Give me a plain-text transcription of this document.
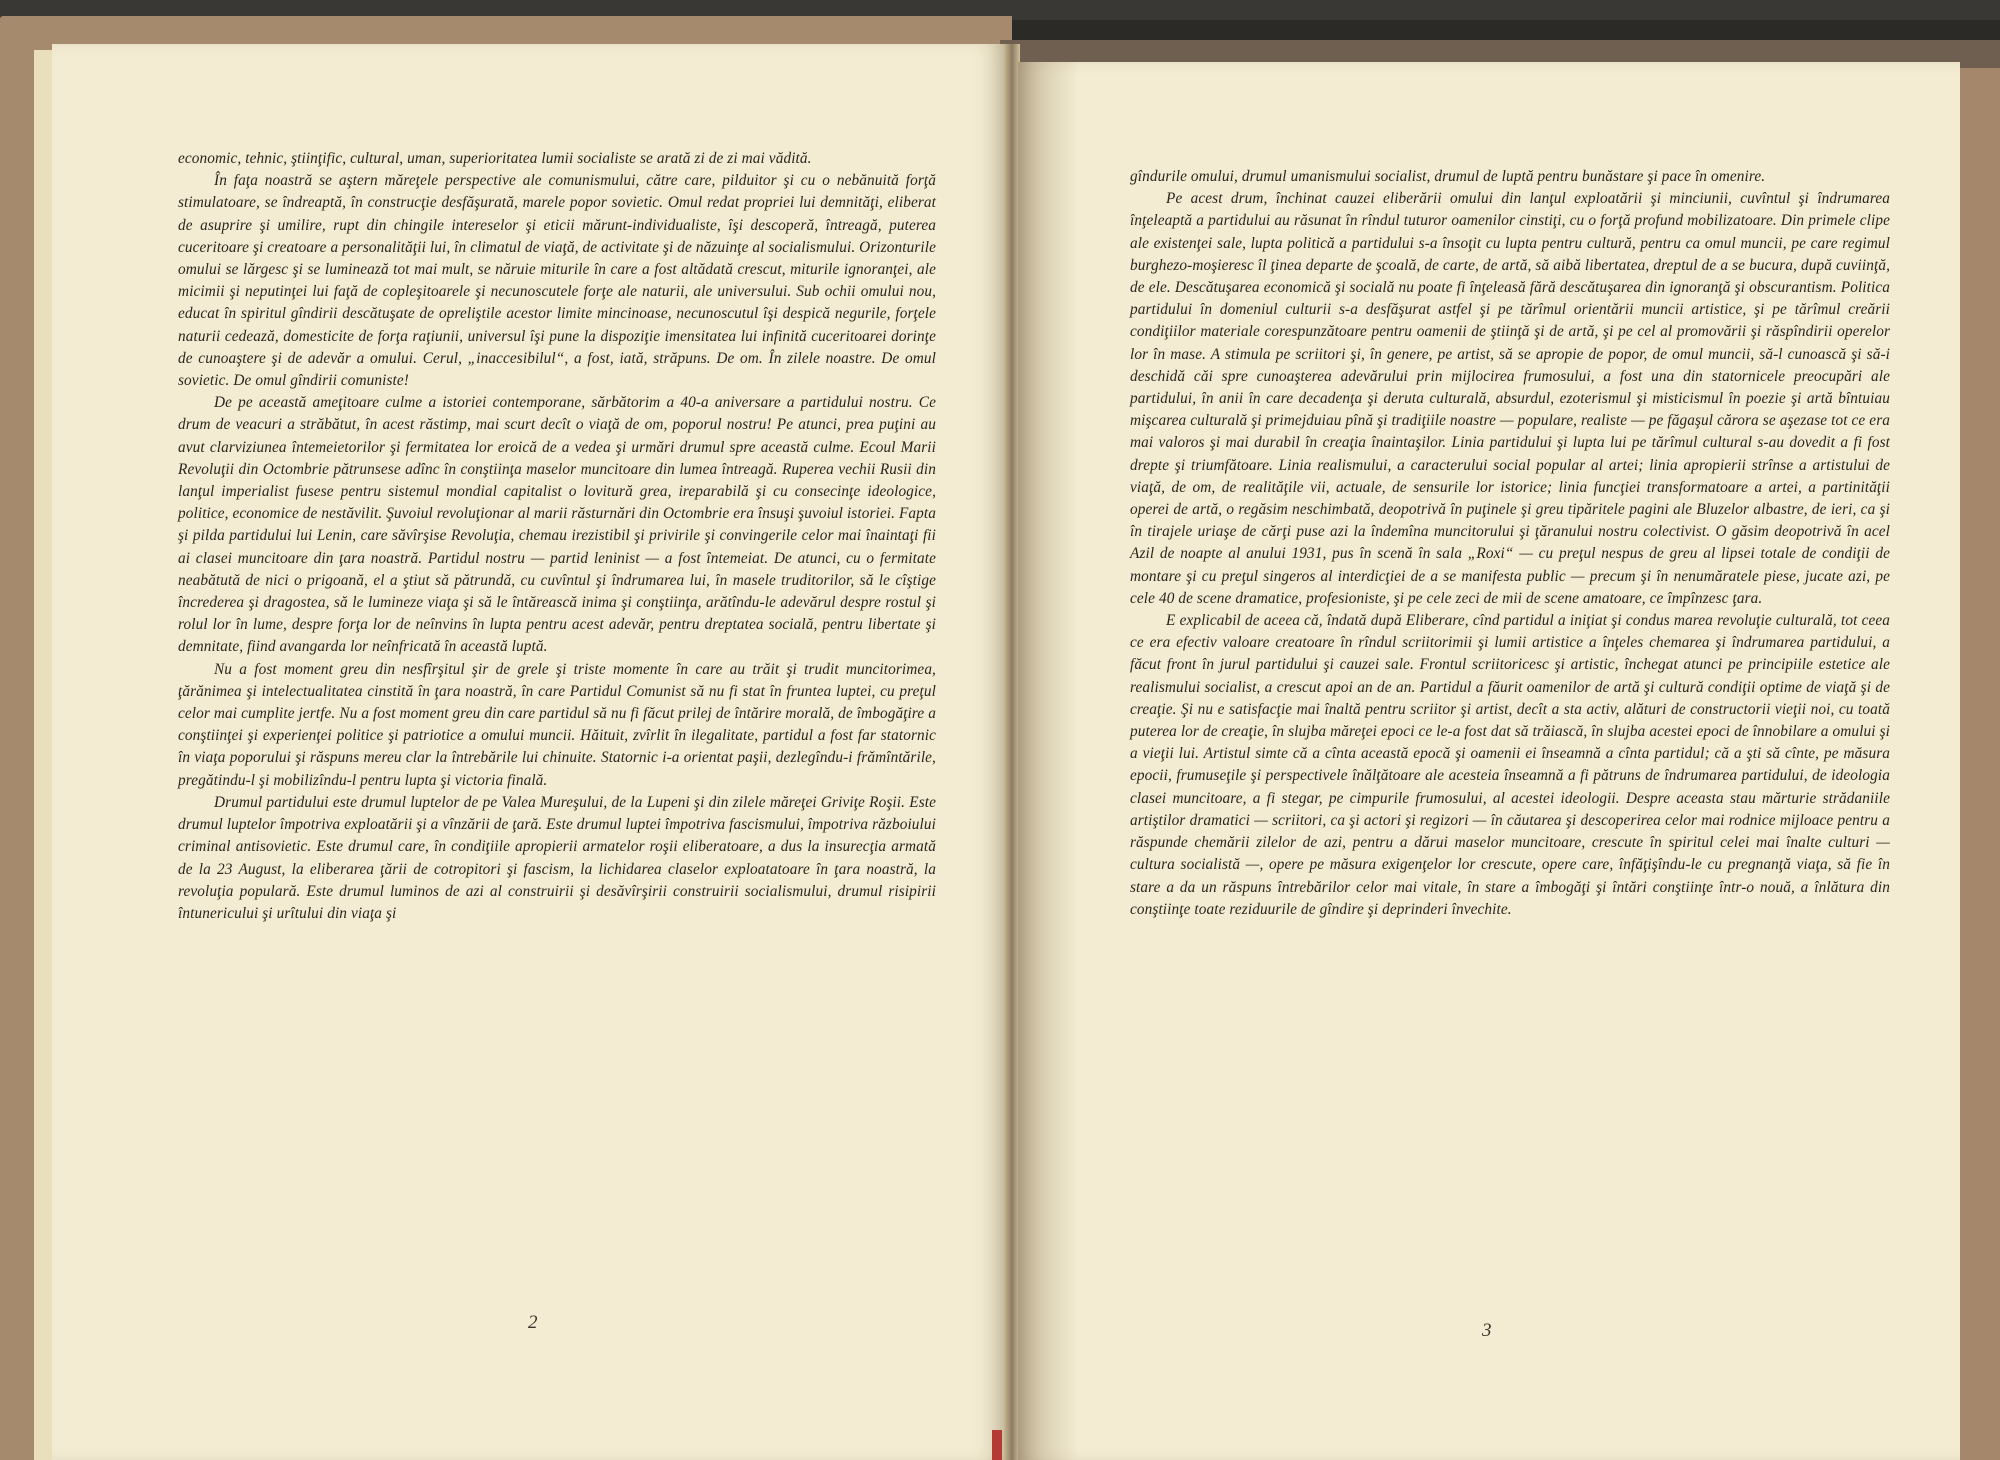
economic, tehnic, ştiinţific, cultural, uman, superioritatea lumii socialiste se arată zi de zi mai vădită.

În faţa noastră se aştern măreţele perspective ale comunismului, către care, pilduitor şi cu o nebănuită forţă stimulatoare, se îndreaptă, în construcţie desfăşurată, marele popor sovietic. Omul redat propriei lui demnităţi, eliberat de asuprire şi umilire, rupt din chingile intereselor şi eticii mărunt-individualiste, îşi descoperă, întreagă, puterea cuceritoare şi creatoare a personalităţii lui, în climatul de viaţă, de activitate şi de năzuinţe al socialismului. Orizonturile omului se lărgesc şi se luminează tot mai mult, se năruie miturile în care a fost altădată crescut, miturile ignoranţei, ale micimii şi neputinţei lui faţă de copleşitoarele şi necunoscutele forţe ale naturii, ale universului. Sub ochii omului nou, educat în spiritul gîndirii descătuşate de opreliştile acestor limite mincinoase, necunoscutul îşi despică negurile, forţele naturii cedează, domesticite de forţa raţiunii, universul îşi pune la dispoziţie imensitatea lui infinită cuceritoarei dorinţe de cunoaştere şi de adevăr a omului. Cerul, „inaccesibilul“, a fost, iată, străpuns. De om. În zilele noastre. De omul sovietic. De omul gîndirii comuniste!

De pe această ameţitoare culme a istoriei contemporane, sărbătorim a 40-a aniversare a partidului nostru. Ce drum de veacuri a străbătut, în acest răstimp, mai scurt decît o viaţă de om, poporul nostru! Pe atunci, prea puţini au avut clarviziunea întemeietorilor şi fermitatea lor eroică de a vedea şi urmări drumul spre această culme. Ecoul Marii Revoluţii din Octombrie pătrunsese adînc în conştiinţa maselor muncitoare din lumea întreagă. Ruperea vechii Rusii din lanţul imperialist fusese pentru sistemul mondial capitalist o lovitură grea, ireparabilă şi cu consecinţe ideologice, politice, economice de nestăvilit. Şuvoiul revoluţionar al marii răsturnări din Octombrie era însuşi şuvoiul istoriei. Fapta şi pilda partidului lui Lenin, care săvîrşise Revoluţia, chemau irezistibil şi privirile şi convingerile celor mai înaintaţi fii ai clasei muncitoare din ţara noastră. Partidul nostru — partid leninist — a fost întemeiat. De atunci, cu o fermitate neabătută de nici o prigoană, el a ştiut să pătrundă, cu cuvîntul şi îndrumarea lui, în masele truditorilor, să le cîştige încrederea şi dragostea, să le lumineze viaţa şi să le întărească inima şi conştiinţa, arătîndu-le adevărul despre rostul şi rolul lor în lume, despre forţa lor de neînvins în lupta pentru acest adevăr, pentru dreptatea socială, pentru libertate şi demnitate, fiind avangarda lor neînfricată în această luptă.

Nu a fost moment greu din nesfîrşitul şir de grele şi triste momente în care au trăit şi trudit muncitorimea, ţărănimea şi intelectualitatea cinstită în ţara noastră, în care Partidul Comunist să nu fi stat în fruntea luptei, cu preţul celor mai cumplite jertfe. Nu a fost moment greu din care partidul să nu fi făcut prilej de întărire morală, de îmbogăţire a conştiinţei şi experienţei politice şi patriotice a omului muncii. Hăituit, zvîrlit în ilegalitate, partidul a fost far statornic în viaţa poporului şi răspuns mereu clar la întrebările lui chinuite. Statornic i-a orientat paşii, dezlegîndu-i frămîntările, pregătindu-l şi mobilizîndu-l pentru lupta şi victoria finală.

Drumul partidului este drumul luptelor de pe Valea Mureşului, de la Lupeni şi din zilele măreţei Griviţe Roşii. Este drumul luptelor împotriva exploatării şi a vînzării de ţară. Este drumul luptei împotriva fascismului, împotriva războiului criminal antisovietic. Este drumul care, în condiţiile apropierii armatelor roşii eliberatoare, a dus la insurecţia armată de la 23 August, la eliberarea ţării de cotropitori şi fascism, la lichidarea claselor exploatatoare în ţara noastră, la revoluţia populară. Este drumul luminos de azi al construirii şi desăvîrşirii construirii socialismului, drumul risipirii întunericului şi urîtului din viaţa şi

2

gîndurile omului, drumul umanismului socialist, drumul de luptă pentru bunăstare şi pace în omenire.

Pe acest drum, închinat cauzei eliberării omului din lanţul exploatării şi minciunii, cuvîntul şi îndrumarea înţeleaptă a partidului au răsunat în rîndul tuturor oamenilor cinstiţi, cu o forţă profund mobilizatoare. Din primele clipe ale existenţei sale, lupta politică a partidului s-a însoţit cu lupta pentru cultură, pentru ca omul muncii, pe care regimul burghezo-moşieresc îl ţinea departe de şcoală, de carte, de artă, să aibă libertatea, dreptul de a se bucura, după cuviinţă, de ele. Descătuşarea economică şi socială nu poate fi înţeleasă fără descătuşarea din ignoranţă şi obscurantism. Politica partidului în domeniul culturii s-a desfăşurat astfel şi pe tărîmul orientării muncii artistice, şi pe tărîmul creării condiţiilor materiale corespunzătoare pentru oamenii de ştiinţă şi de artă, şi pe cel al promovării şi răspîndirii operelor lor în mase. A stimula pe scriitori şi, în genere, pe artist, să se apropie de popor, de omul muncii, să-l cunoască şi să-i deschidă căi spre cunoaşterea adevărului prin mijlocirea frumosului, a fost una din statornicele preocupări ale partidului, în anii în care decadenţa şi deruta culturală, absurdul, ezoterismul şi misticismul în poezie şi artă bîntuiau mişcarea culturală şi primejduiau pînă şi tradiţiile noastre — populare, realiste — pe făgaşul cărora se aşezase tot ce era mai valoros şi mai durabil în creaţia înaintaşilor. Linia partidului şi lupta lui pe tărîmul cultural s-au dovedit a fi fost drepte şi triumfătoare. Linia realismului, a caracterului social popular al artei; linia apropierii strînse a artistului de viaţă, de om, de realităţile vii, actuale, de sensurile lor istorice; linia funcţiei transformatoare a artei, a partinităţii operei de artă, o regăsim neschimbată, deopotrivă în puţinele şi greu tipăritele pagini ale Bluzelor albastre, de ieri, ca şi în tirajele uriaşe de cărţi puse azi la îndemîna muncitorului şi ţăranului nostru colectivist. O găsim deopotrivă în acel Azil de noapte al anului 1931, pus în scenă în sala „Roxi“ — cu preţul nespus de greu al lipsei totale de condiţii de montare şi cu preţul singeros al interdicţiei de a se manifesta public — precum şi în nenumăratele piese, jucate azi, pe cele 40 de scene dramatice, profesioniste, şi pe cele zeci de mii de scene amatoare, ce împînzesc ţara.

E explicabil de aceea că, îndată după Eliberare, cînd partidul a iniţiat şi condus marea revoluţie culturală, tot ceea ce era efectiv valoare creatoare în rîndul scriitorimii şi lumii artistice a înţeles chemarea şi îndrumarea partidului, a făcut front în jurul partidului şi cauzei sale. Frontul scriitoricesc şi artistic, închegat atunci pe principiile estetice ale realismului socialist, a crescut apoi an de an. Partidul a făurit oamenilor de artă şi cultură condiţii optime de viaţă şi de creaţie. Şi nu e satisfacţie mai înaltă pentru scriitor şi artist, decît a sta activ, alături de constructorii vieţii noi, cu toată puterea lor de creaţie, în slujba măreţei epoci ce le-a fost dat să trăiască, în slujba acestei epoci de înnobilare a omului şi a vieţii lui. Artistul simte că a cînta această epocă şi oamenii ei înseamnă a cînta partidul; că a şti să cînte, pe măsura epocii, frumuseţile şi perspectivele înălţătoare ale acesteia înseamnă a fi pătruns de îndrumarea partidului, de ideologia clasei muncitoare, a fi stegar, pe cimpurile frumosului, al acestei ideologii. Despre aceasta stau mărturie strădaniile artiştilor dramatici — scriitori, ca şi actori şi regizori — în căutarea şi descoperirea celor mai rodnice mijloace pentru a răspunde chemării zilelor de azi, pentru a dărui maselor muncitoare, crescute în spiritul celei mai înalte culturi — cultura socialistă —, opere pe măsura exigenţelor lor crescute, opere care, înfăţişîndu-le cu pregnanţă viaţa, să fie în stare a da un răspuns întrebărilor celor mai vitale, în stare a îmbogăţi şi întări conştiinţe într-o nouă, a înlătura din conştiinţe toate reziduurile de gîndire şi deprinderi învechite.

3
